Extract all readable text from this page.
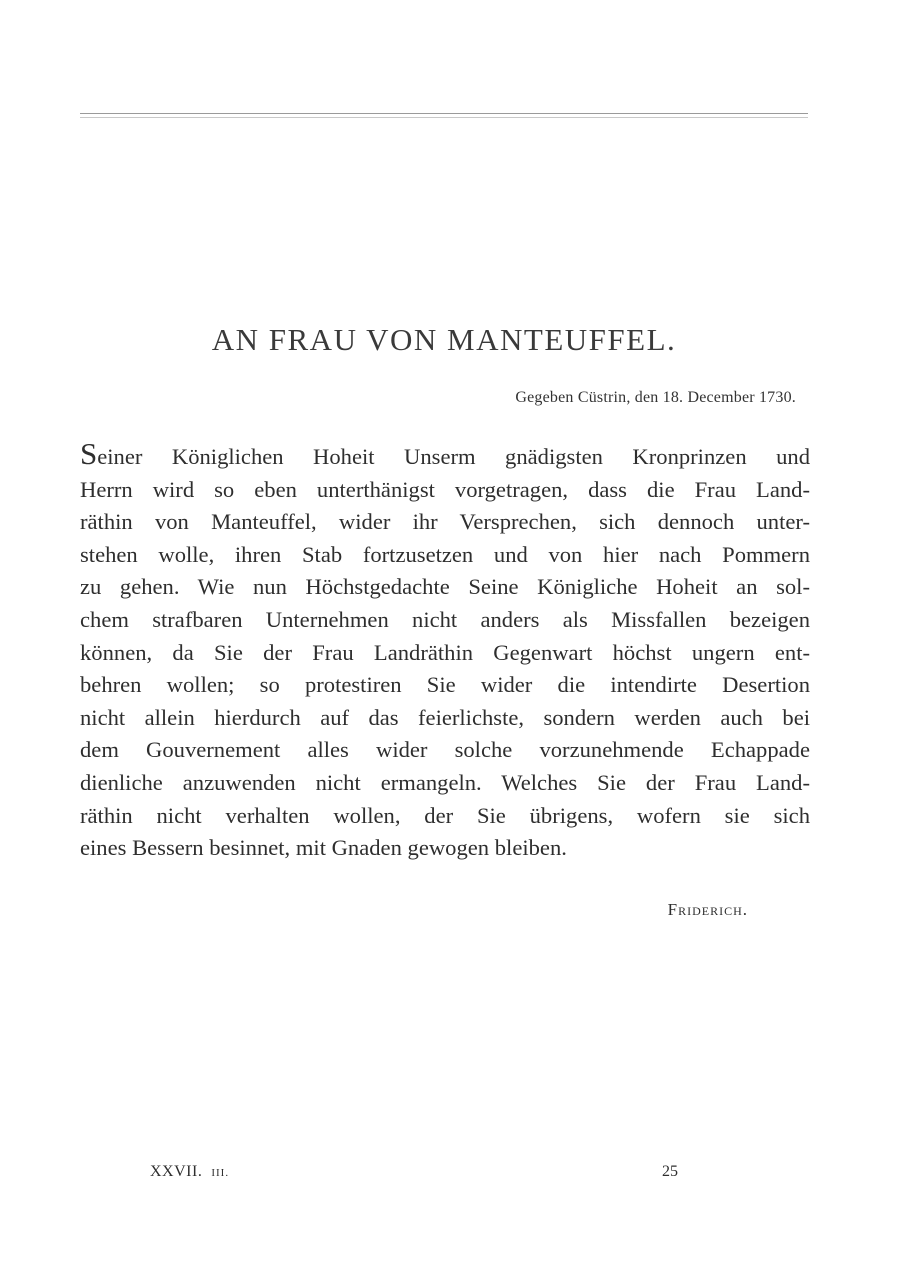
AN FRAU VON MANTEUFFEL.
Gegeben Cüstrin, den 18. December 1730.
Seiner Königlichen Hoheit Unserm gnädigsten Kronprinzen und
Herrn wird so eben unterthänigst vorgetragen, dass die Frau Land-
räthin von Manteuffel, wider ihr Versprechen, sich dennoch unter-
stehen wolle, ihren Stab fortzusetzen und von hier nach Pommern
zu gehen. Wie nun Höchstgedachte Seine Königliche Hoheit an sol-
chem strafbaren Unternehmen nicht anders als Missfallen bezeigen
können, da Sie der Frau Landräthin Gegenwart höchst ungern ent-
behren wollen; so protestiren Sie wider die intendirte Desertion
nicht allein hierdurch auf das feierlichste, sondern werden auch bei
dem Gouvernement alles wider solche vorzunehmende Echappade
dienliche anzuwenden nicht ermangeln. Welches Sie der Frau Land-
räthin nicht verhalten wollen, der Sie übrigens, wofern sie sich
eines Bessern besinnet, mit Gnaden gewogen bleiben.
Friderich.
XXVII. III.	25
